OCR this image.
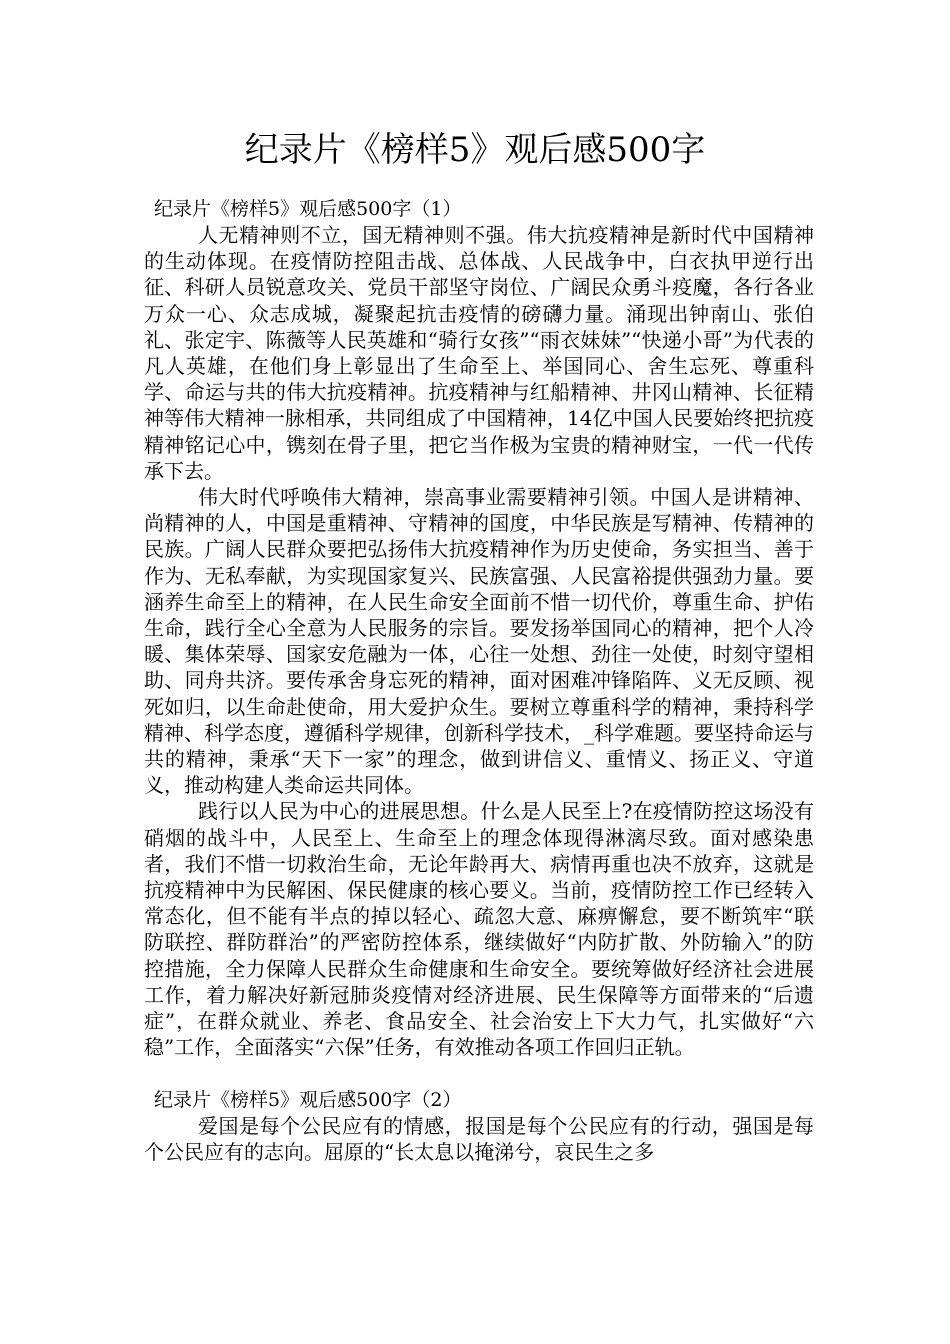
纪录片《榜样5》观后感500字

纪录片《榜样5》观后感500字（1）

人无精神则不立，国无精神则不强。伟大抗疫精神是新时代中国精神的生动体现。在疫情防控阻击战、总体战、人民战争中，白衣执甲逆行出征、科研人员锐意攻关、党员干部坚守岗位、广阔民众勇斗疫魔，各行各业万众一心、众志成城，凝聚起抗击疫情的磅礴力量。涌现出钟南山、张伯礼、张定宇、陈薇等人民英雄和“骑行女孩”“雨衣妹妹”“快递小哥”为代表的凡人英雄，在他们身上彰显出了生命至上、举国同心、舍生忘死、尊重科学、命运与共的伟大抗疫精神。抗疫精神与红船精神、井冈山精神、长征精神等伟大精神一脉相承，共同组成了中国精神，14亿中国人民要始终把抗疫精神铭记心中，镌刻在骨子里，把它当作极为宝贵的精神财宝，一代一代传承下去。

伟大时代呼唤伟大精神，崇高事业需要精神引领。中国人是讲精神、尚精神的人，中国是重精神、守精神的国度，中华民族是写精神、传精神的民族。广阔人民群众要把弘扬伟大抗疫精神作为历史使命，务实担当、善于作为、无私奉献，为实现国家复兴、民族富强、人民富裕提供强劲力量。要涵养生命至上的精神，在人民生命安全面前不惜一切代价，尊重生命、护佑生命，践行全心全意为人民服务的宗旨。要发扬举国同心的精神，把个人冷暖、集体荣辱、国家安危融为一体，心往一处想、劲往一处使，时刻守望相助、同舟共济。要传承舍身忘死的精神，面对困难冲锋陷阵、义无反顾、视死如归，以生命赴使命，用大爱护众生。要树立尊重科学的精神，秉持科学精神、科学态度，遵循科学规律，创新科学技术，_科学难题。要坚持命运与共的精神，秉承“天下一家”的理念，做到讲信义、重情义、扬正义、守道义，推动构建人类命运共同体。

践行以人民为中心的进展思想。什么是人民至上?在疫情防控这场没有硝烟的战斗中，人民至上、生命至上的理念体现得淋漓尽致。面对感染患者，我们不惜一切救治生命，无论年龄再大、病情再重也决不放弃，这就是抗疫精神中为民解困、保民健康的核心要义。当前，疫情防控工作已经转入常态化，但不能有半点的掉以轻心、疏忽大意、麻痹懈怠，要不断筑牢“联防联控、群防群治”的严密防控体系，继续做好“内防扩散、外防输入”的防控措施，全力保障人民群众生命健康和生命安全。要统筹做好经济社会进展工作，着力解决好新冠肺炎疫情对经济进展、民生保障等方面带来的“后遗症”，在群众就业、养老、食品安全、社会治安上下大力气，扎实做好“六稳”工作，全面落实“六保”任务，有效推动各项工作回归正轨。

纪录片《榜样5》观后感500字（2）

爱国是每个公民应有的情感，报国是每个公民应有的行动，强国是每个公民应有的志向。屈原的“长太息以掩涕兮，哀民生之多
